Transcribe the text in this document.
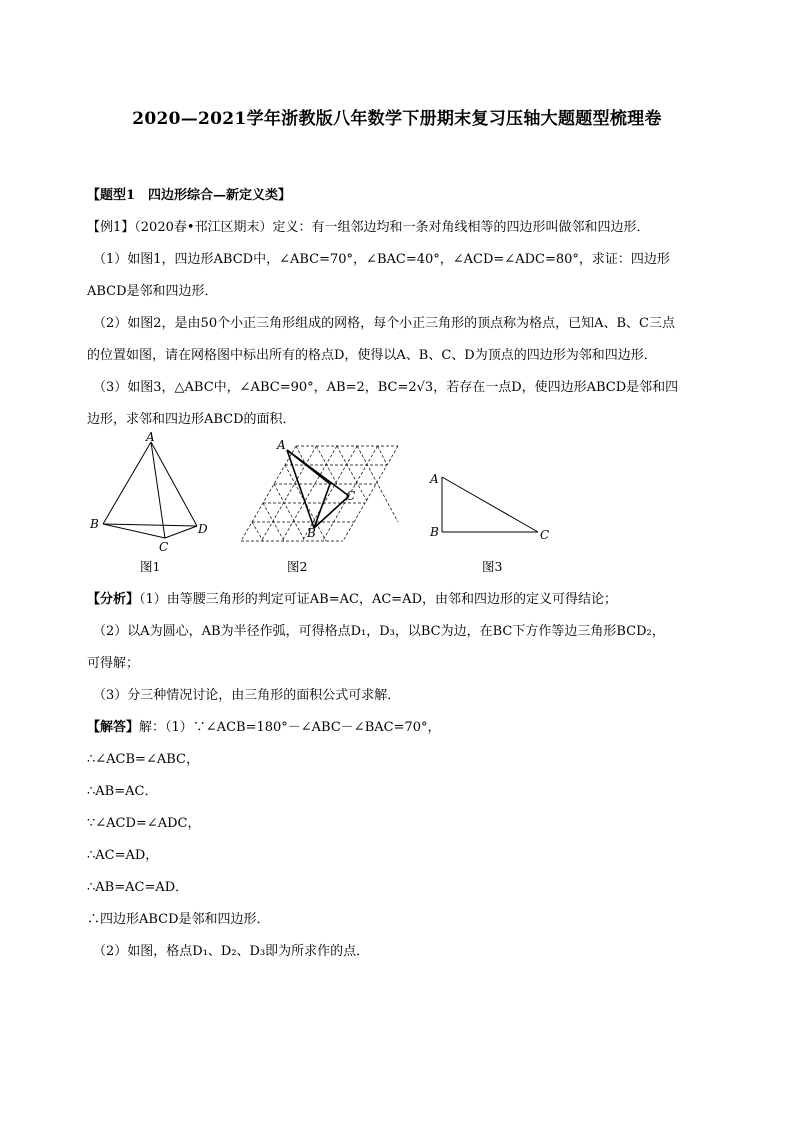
2020—2021学年浙教版八年数学下册期末复习压轴大题题型梳理卷
【题型1　四边形综合—新定义类】
【例1】（2020春•邗江区期末）定义：有一组邻边均和一条对角线相等的四边形叫做邻和四边形．
（1）如图1，四边形ABCD中，∠ABC=70°，∠BAC=40°，∠ACD=∠ADC=80°，求证：四边形
ABCD是邻和四边形．
（2）如图2，是由50个小正三角形组成的网格，每个小正三角形的顶点称为格点，已知A、B、C三点
的位置如图，请在网格图中标出所有的格点D，使得以A、B、C、D为顶点的四边形为邻和四边形．
（3）如图3，△ABC中，∠ABC=90°，AB=2，BC=2√3，若存在一点D，使四边形ABCD是邻和四
边形，求邻和四边形ABCD的面积．
A
B
C
D
图1
A
B
C
图2
A
B	C
图3
【分析】（1）由等腰三角形的判定可证AB=AC，AC=AD，由邻和四边形的定义可得结论；
（2）以A为圆心，AB为半径作弧，可得格点D₁，D₃，以BC为边，在BC下方作等边三角形BCD₂，
可得解；
（3）分三种情况讨论，由三角形的面积公式可求解．
【解答】解：（1）∵∠ACB=180°－∠ABC－∠BAC=70°，
∴∠ACB=∠ABC，
∴AB=AC．
∵∠ACD=∠ADC，
∴AC=AD，
∴AB=AC=AD．
∴四边形ABCD是邻和四边形．
（2）如图，格点D₁、D₂、D₃即为所求作的点．
